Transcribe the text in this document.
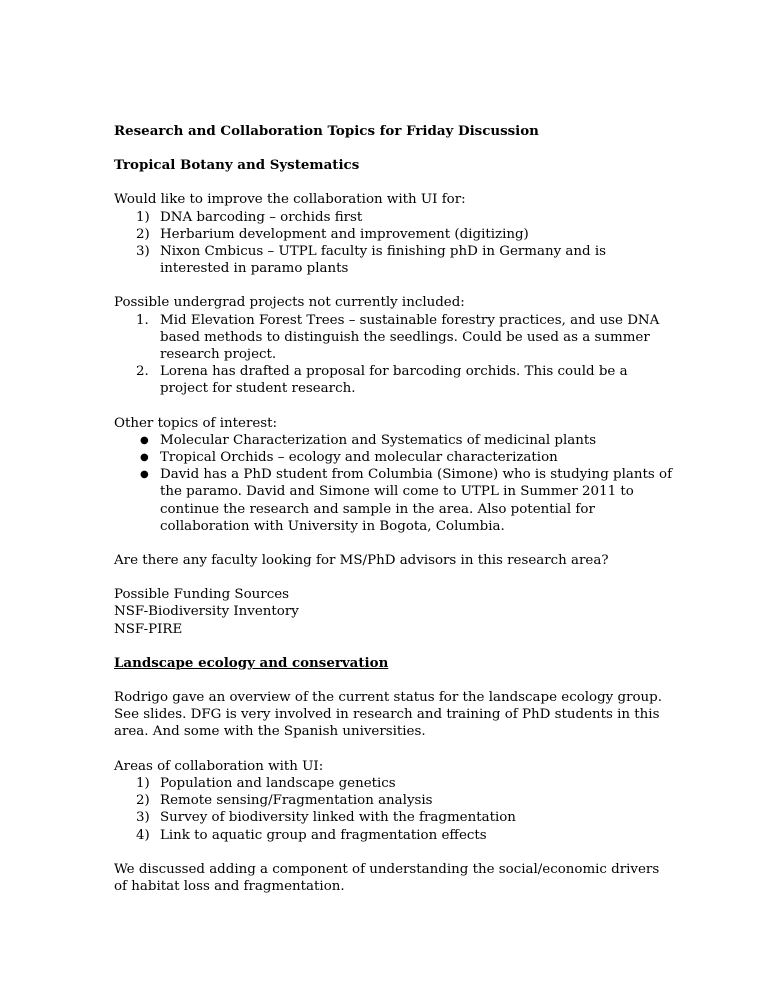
Research and Collaboration Topics for Friday Discussion

Tropical Botany and Systematics

Would like to improve the collaboration with UI for:

1) DNA barcoding – orchids first
2) Herbarium development and improvement (digitizing)
3) Nixon Cmbicus – UTPL faculty is finishing phD in Germany and is interested in paramo plants

Possible undergrad projects not currently included:

1. Mid Elevation Forest Trees – sustainable forestry practices, and use DNA based methods to distinguish the seedlings. Could be used as a summer research project.
2. Lorena has drafted a proposal for barcoding orchids. This could be a project for student research.

Other topics of interest:

● Molecular Characterization and Systematics of medicinal plants
● Tropical Orchids – ecology and molecular characterization
● David has a PhD student from Columbia (Simone) who is studying plants of the paramo. David and Simone will come to UTPL in Summer 2011 to continue the research and sample in the area. Also potential for collaboration with University in Bogota, Columbia.

Are there any faculty looking for MS/PhD advisors in this research area?

Possible Funding Sources

NSF-Biodiversity Inventory

NSF-PIRE

Landscape ecology and conservation

Rodrigo gave an overview of the current status for the landscape ecology group. See slides. DFG is very involved in research and training of PhD students in this area. And some with the Spanish universities.

Areas of collaboration with UI:

1) Population and landscape genetics
2) Remote sensing/Fragmentation analysis
3) Survey of biodiversity linked with the fragmentation
4) Link to aquatic group and fragmentation effects

We discussed adding a component of understanding the social/economic drivers of habitat loss and fragmentation.
